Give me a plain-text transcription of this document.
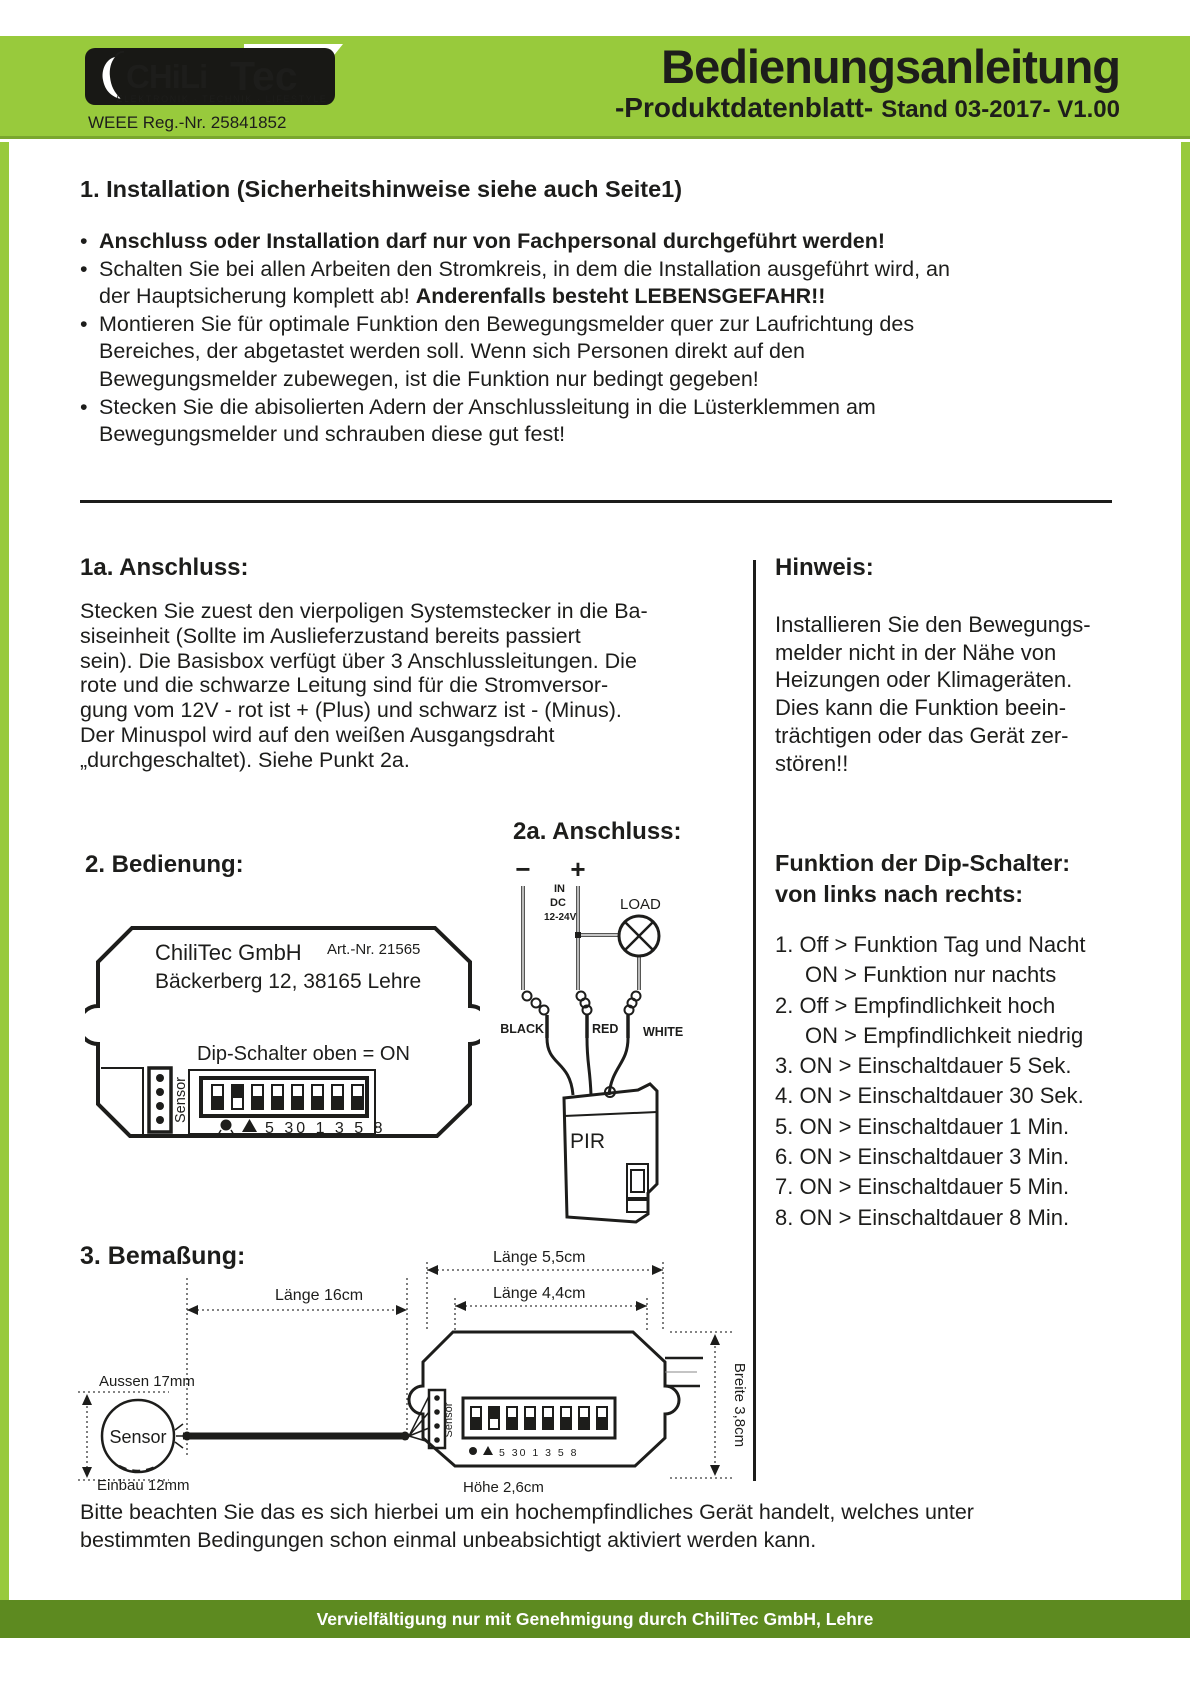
CHiLi Tec
ELEKTRONIK · TECHNIK · LIFESTYLE
WEEE Reg.-Nr. 25841852
Bedienungsanleitung
-Produktdatenblatt- Stand 03-2017- V1.00
1. Installation (Sicherheitshinweise siehe auch Seite1)
• Anschluss oder Installation darf nur von Fachpersonal durchgeführt werden!
• Schalten Sie bei allen Arbeiten den Stromkreis, in dem die Installation ausgeführt wird, an
der Hauptsicherung komplett ab! Anderenfalls besteht LEBENSGEFAHR!!
• Montieren Sie für optimale Funktion den Bewegungsmelder quer zur Laufrichtung des
Bereiches, der abgetastet werden soll. Wenn sich Personen direkt auf den
Bewegungsmelder zubewegen, ist die Funktion nur bedingt gegeben!
• Stecken Sie die abisolierten Adern der Anschlussleitung in die Lüsterklemmen am
Bewegungsmelder und schrauben diese gut fest!
1a. Anschluss:
Stecken Sie zuest den vierpoligen Systemstecker in die Ba-
siseinheit (Sollte im Auslieferzustand bereits passiert
sein). Die Basisbox verfügt über 3 Anschlussleitungen. Die
rote und die schwarze Leitung sind für die Stromversor-
gung vom 12V - rot ist + (Plus) und schwarz ist - (Minus).
Der Minuspol wird auf den weißen Ausgangsdraht
„durchgeschaltet). Siehe Punkt 2a.
Hinweis:
Installieren Sie den Bewegungs-
melder nicht in der Nähe von
Heizungen oder Klimageräten.
Dies kann die Funktion beein-
trächtigen oder das Gerät zer-
stören!!
2a. Anschluss:
2. Bedienung:	Funktion der Dip-Schalter:
von links nach rechts:
1. Off > Funktion Tag und Nacht
ON > Funktion nur nachts
2. Off > Empfindlichkeit hoch
ON > Empfindlichkeit niedrig
3. ON > Einschaltdauer 5 Sek.
4. ON > Einschaltdauer 30 Sek.
5. ON > Einschaltdauer 1 Min.
6. ON > Einschaltdauer 3 Min.
7. ON > Einschaltdauer 5 Min.
8. ON > Einschaltdauer 8 Min.
ChiliTec GmbH Art.-Nr. 21565
Bäckerberg 12, 38165 Lehre
Dip-Schalter oben = ON
Sensor
5 30 1 3 5 8
− +
IN
DC
12-24V
LOAD
BLACK	RED WHITE
PIR
3. Bemaßung:	Länge 5,5cm
Länge 4,4cm
Länge 16cm
Aussen 17mm
Sensor
Einbau 12mm
Sensor
5 30 1 3 5 8
Breite 3,8cm
Höhe 2,6cm
Bitte beachten Sie das es sich hierbei um ein hochempfindliches Gerät handelt, welches unter
bestimmten Bedingungen schon einmal unbeabsichtigt aktiviert werden kann.
Vervielfältigung nur mit Genehmigung durch ChiliTec GmbH, Lehre
